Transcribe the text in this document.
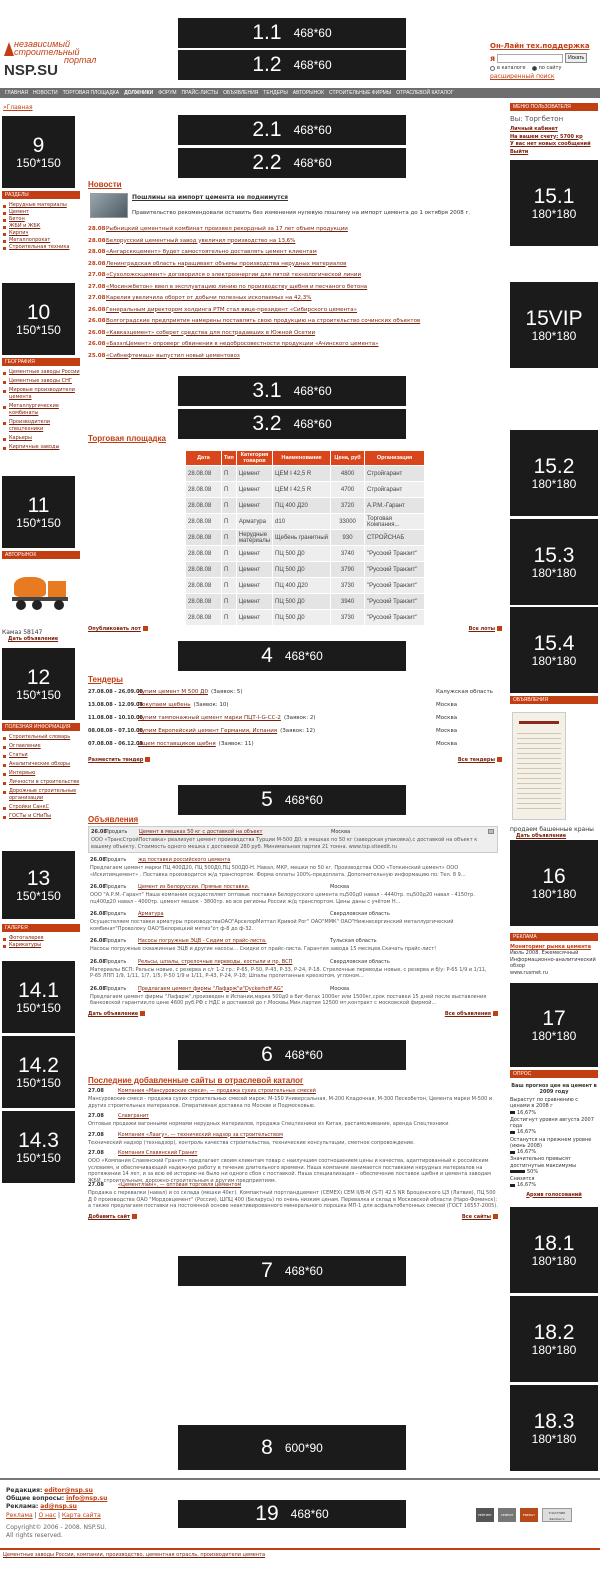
независимый
строительный
портал
NSP.SU
1.1 468*60
1.2 468*60
Он-Лайн тех.поддержка
я	Искать
в каталоге	по сайту
расширенный поиск
ГЛАВНАЯ НОВОСТИ ТОРГОВАЯ ПЛОЩАДКА ДОЛЖНИКИ ФОРУМ ПРАЙС-ЛИСТЫ ОБЪЯВЛЕНИЯ ТЕНДЕРЫ АВТОРЫНОК СТРОИТЕЛЬНЫЕ ФИРМЫ ОТРАСЛЕВОЙ КАТАЛОГ
»Главная
9
150*150
РАЗДЕЛЫ
Нерудные материалы
Цемент
Бетон
ЖБИ и ЖБК
Кирпич
Металлопрокат
Строительная техника
10
150*150
ГЕОГРАФИЯ
Цементные заводы России
Цементные заводы СНГ
Мировые производители цемента
Металлургические комбинаты
Производители спецтехники
Карьеры
Кирпичные заводы
11
150*150
АВТОРЫНОК
Камаз 58147
Дать объявление
12
150*150
ПОЛЕЗНАЯ ИНФОРМАЦИЯ
Строительный словарь
Оглавление
Статьи
Аналитические обзоры
Интервью
Личности в строительстве
Дорожные строительные организации
Стройки СанкС
ГОСТы и СНиПы
13
150*150
ГАЛЕРЕЯ
Фотогалерея
Карикатуры
14.1
150*150
14.2
150*150
14.3
150*150
2.1 468*60
2.2 468*60
Новости
Пошлины на импорт цемента не поднимутся
Правительство рекомендовали оставить без изменения нулевую пошлину на импорт цемента до 1 октября 2008 г.
28.08Рыбницкий цементный комбинат произвел рекордный за 17 лет объем продукции
28.08Белорусский цементный завод увеличил производство на 13,6%
28.08«Ангарсккцемент» будет самостоятельно доставлять цемент клиентам
28.08Ленинградская область наращивает объемы производства нерудных материалов
27.08«Сухоложскцемент» договорился о электроэнергии для пятой технологической линии
27.08«Мосинжбетон» ввел в эксплуатацию линию по производству щебня и песчаного бетона
27.08Карелия увеличила оборот от добычи полезных ископаемых на 42,3%
26.08Генеральным директором холдинга РТМ стал вице-президент «Сибирского цемента»
26.08Волгоградские предприятия намерены поставлять свою продукцию на строительство сочинских объектов
26.08«Кавказцемент» соберет средства для пострадавших в Южной Осетии
26.08«БазэлЦемент» опроверг обвинения в недобросовестности продукции «Ачинского цемента»
25.08«Сибнефтемаш» выпустил новый цементовоз
3.1 468*60
3.2 468*60
Торговая площадка
Дата	Тип	Категория товаров	Наименование	Цена, руб	Организация
28.08.08	П	Цемент	ЦЕМ I 42,5 R	4800	Стройгарант
28.08.08	П	Цемент	ЦЕМ I 42,5 R	4700	Стройгарант
28.08.08	П	Цемент	ПЦ 400 Д20	3720	А.Р.М.-Гарант
28.08.08	П	Арматура	d10	33000	Торговая Компания...
28.08.08	П	Нерудные материалы	Щебень гранитный	930	СТРОЙСНАБ
28.08.08	П	Цемент	ПЦ 500 Д0	3740	"Русский Транзит"
28.08.08	П	Цемент	ПЦ 500 Д0	3790	"Русский Транзит"
28.08.08	П	Цемент	ПЦ 400 Д20	3730	"Русский Транзит"
28.08.08	П	Цемент	ПЦ 500 Д0	3940	"Русский Транзит"
28.08.08	П	Цемент	ПЦ 500 Д0	3730	"Русский Транзит"
Опубликовать лот	Все лоты
4 468*60
Тендеры
27.08.08 - 26.09.08Купим цемент М 500 Д0 (Заявок: 5)	Калужская область
13.08.08 - 12.09.08Покупаем щебень (Заявок: 10)	Москва
11.08.08 - 10.10.08Купим тампонажный цемент марки ПЦТ-I-G-СС-2 (Заявок: 2)	Москва
08.08.08 - 07.10.08Купим Европейский цемент Германия, Испания (Заявок: 12)	Москва
07.08.08 - 06.12.08Ищем поставщиков щебня (Заявок: 11)	Москва
Разместить тендер	Все тендеры
5 468*60
Объявления
26.08Продать Цемент в мешках 50 кг с доставкой на объект	Москва
ООО «ТрансСтройПоставка» реализует цемент производства Турции М-500 Д0; в мешках по 50 кг (заводская упаковка),с доставкой на объект к вашему объекту. Стоимость одного мешка с доставкой 280 руб. Минимальная партия 21 тонна. www.tsp.siteedit.ru
26.08Продать жд поставки российского цемента
Предлагаем цемент марки ПЦ 400Д20, ПЦ 500Д0,ПЦ 500Д0-Н. Навал, МКР, мешки по 50 кг. Производства ООО «Топкинский цемент» ООО «Искитимцемент» . Поставка производится ж/д транспортом. Форма оплаты 100%-предоплата. Дополнительную информацию по: Тел. 8 9...
26.08Продать Цемент из Белоруссии. Прямые поставки.	Москва
ООО "А.Р.М.-Гарант" Наша компания осуществляет оптовые поставки Белорусского цемента пц500д0 навал - 4440тр. пц500д20 навал - 4150тр. пц400д20 навал - 4000тр. цемент мешок - 3800тр. во все регионы России ж/д транспортом. Цены даны с учётом Н...
26.08Продать Арматура	Свердловская область
Осуществляем поставки арматуры производстваОАО"АрселорМиттал Кривой Рог" ОАО"ММК" ОАО"Нижнесергинский металлургический комбинат"Проволоку ОАО"Белорецкий метиз"от ф-8 до ф-32.
26.08Продать Насосы погружные ЭЦВ - Сидим от прайс-листа.	Тульская область
Насосы погружные скважинные ЭЦВ и другие насосы... Скидки от прайс-листа. Гарантия завода 15 месяцев.Скачать прайс-лист!
26.08Продать Рельсы, шпалы, стрелочные переводы, костыли и пр. ВСП	Свердловская область
Материалы ВСП: Рельсы новые, с резерва и с/г 1-2 гр.: Р-65, Р-50, Р-43, Р-33, Р-24, Р-18. Стрелочные переводы новые, с резерва и б/у: Р-65 1/9 и 1/11, Р-65 ЛПП 1/9, 1/11, 1/7, 1/5, Р-50 1/9 и 1/11, Р-43, Р-24, Р-18; Шпалы пропитанные креозотом, углоном...
26.08Продать Предлагаем цемент фирмы "Лафарж"и"Dyckerhoff AG"	Москва
Предлагаем цемент фирмы "Лафарж",произведен в Испании,марка 500д0 в биг-бегах 1000кг или 1500кг,срок поставки 15 дней после выставления банковской гарантии,по цене 4600 руб.РФ с НДС и доставкой до г.Москвы.Мин.партия 12500 мт,контракт с московской фирмой...
Дать объявление	Все объявления
6 468*60
Последние добавленные сайты в отраслевой каталог
27.08	Компания «Мансуровские смеси», — продажа сухих строительных смесей
Мансуровские смеси - продажа сухих строительных смесей марок: М-150 Универсальная, М-200 Кладочная, М-300 Пескобетон, Цемента марки М-500 и других строительных материалов. Оперативная доставка по Москве и Подмосковью.
27.08	Славгранит
Оптовые продажи вагонными нормами нерудных материалов, продажа Спецтехники из Китая, растаможивание, аренда Спецтехники
27.08	Компания «Лаагу», — технический надзор за строительством
Технический надзор (технадзор), контроль качества строительства, технические консультации, сметное сопровождение.
27.08	Компания Славянский Гранит
ООО «Компания Славянский Гранит» предлагает своим клиентам товар с наилучшим соотношением цены и качества, адаптированный к российским условиям, и обеспечивающий надежную работу в течение длительного времени. Наша компания занимается поставками нерудных материалов на протяжении 14 лет, и за всю её историю не было ни одного сбоя с поставкой. Наша специализация – обеспечение поставок щебня и цемента заводам ЖБИ, строительным, дорожно-строительным и другим предприятиям.
27.08	«Цементлэйн», — оптовая торговля цементом
Продажа с перевалки (навал) и со склада (мешки 40кг). Компактный портландцемент (CEMEX) CEM II/B-M (S-T) 42.5 NR Броценского ЦЗ (Латвия), ПЦ 500 Д 0 производства ОАО "Мордовцемент" (Россия), ШПЦ 400 (Беларусь) по очень низким ценам. Перевалка и склад в Московской области (Наро-Фоминск); а также предлагаем поставки на постоянной основе неактивированного минерального порошка МП-1 для асфальтобетонных смесей (ГОСТ 16557-2005).
Добавить сайт	Все сайты
7 468*60
8 600*90
МЕНЮ ПОЛЬЗОВАТЕЛЯ
Вы: Торгбетон
Личный кабинет
На вашем счету: 5700 кр
У вас нет новых сообщений
Выйти
15.1
180*180
15VIP
180*180
15.2
180*180
15.3
180*180
15.4
180*180
ОБЪЯВЛЕНИЯ
продаем башенные краны
Дать объявление
16
180*180
РЕКЛАМА
Мониторинг рынка цемента
Июль 2008. Ежемесячный Информационно-аналитический обзор
www.rusmet.ru
17
180*180
ОПРОС
Ваш прогноз цен на цемент в 2009 году
Вырастут по сравнению с ценами в 2008 г
16,67%
Достигнут уровня августа 2007 года
16,67%
Останутся на прежнем уровне (июнь 2008)
16,67%
Значительно превысят достигнутые максимумы
50%
Снизятся
16,67%
Архив голосований
18.1
180*180
18.2
180*180
18.3
180*180
Редакция: editor@nsp.su
Общие вопросы: info@nsp.su
Реклама: ad@nsp.su
Реклама | О нас | Карта сайта
Copyright© 2006 - 2008. NSP.SU.
All rights reserved.
19 468*60	РЕЙТИНГ	CEMENT	ENERGY	УЧАСТНИК Rambler's
Цементные заводы России, компании, производство, цементная отрасль, производители цемента
